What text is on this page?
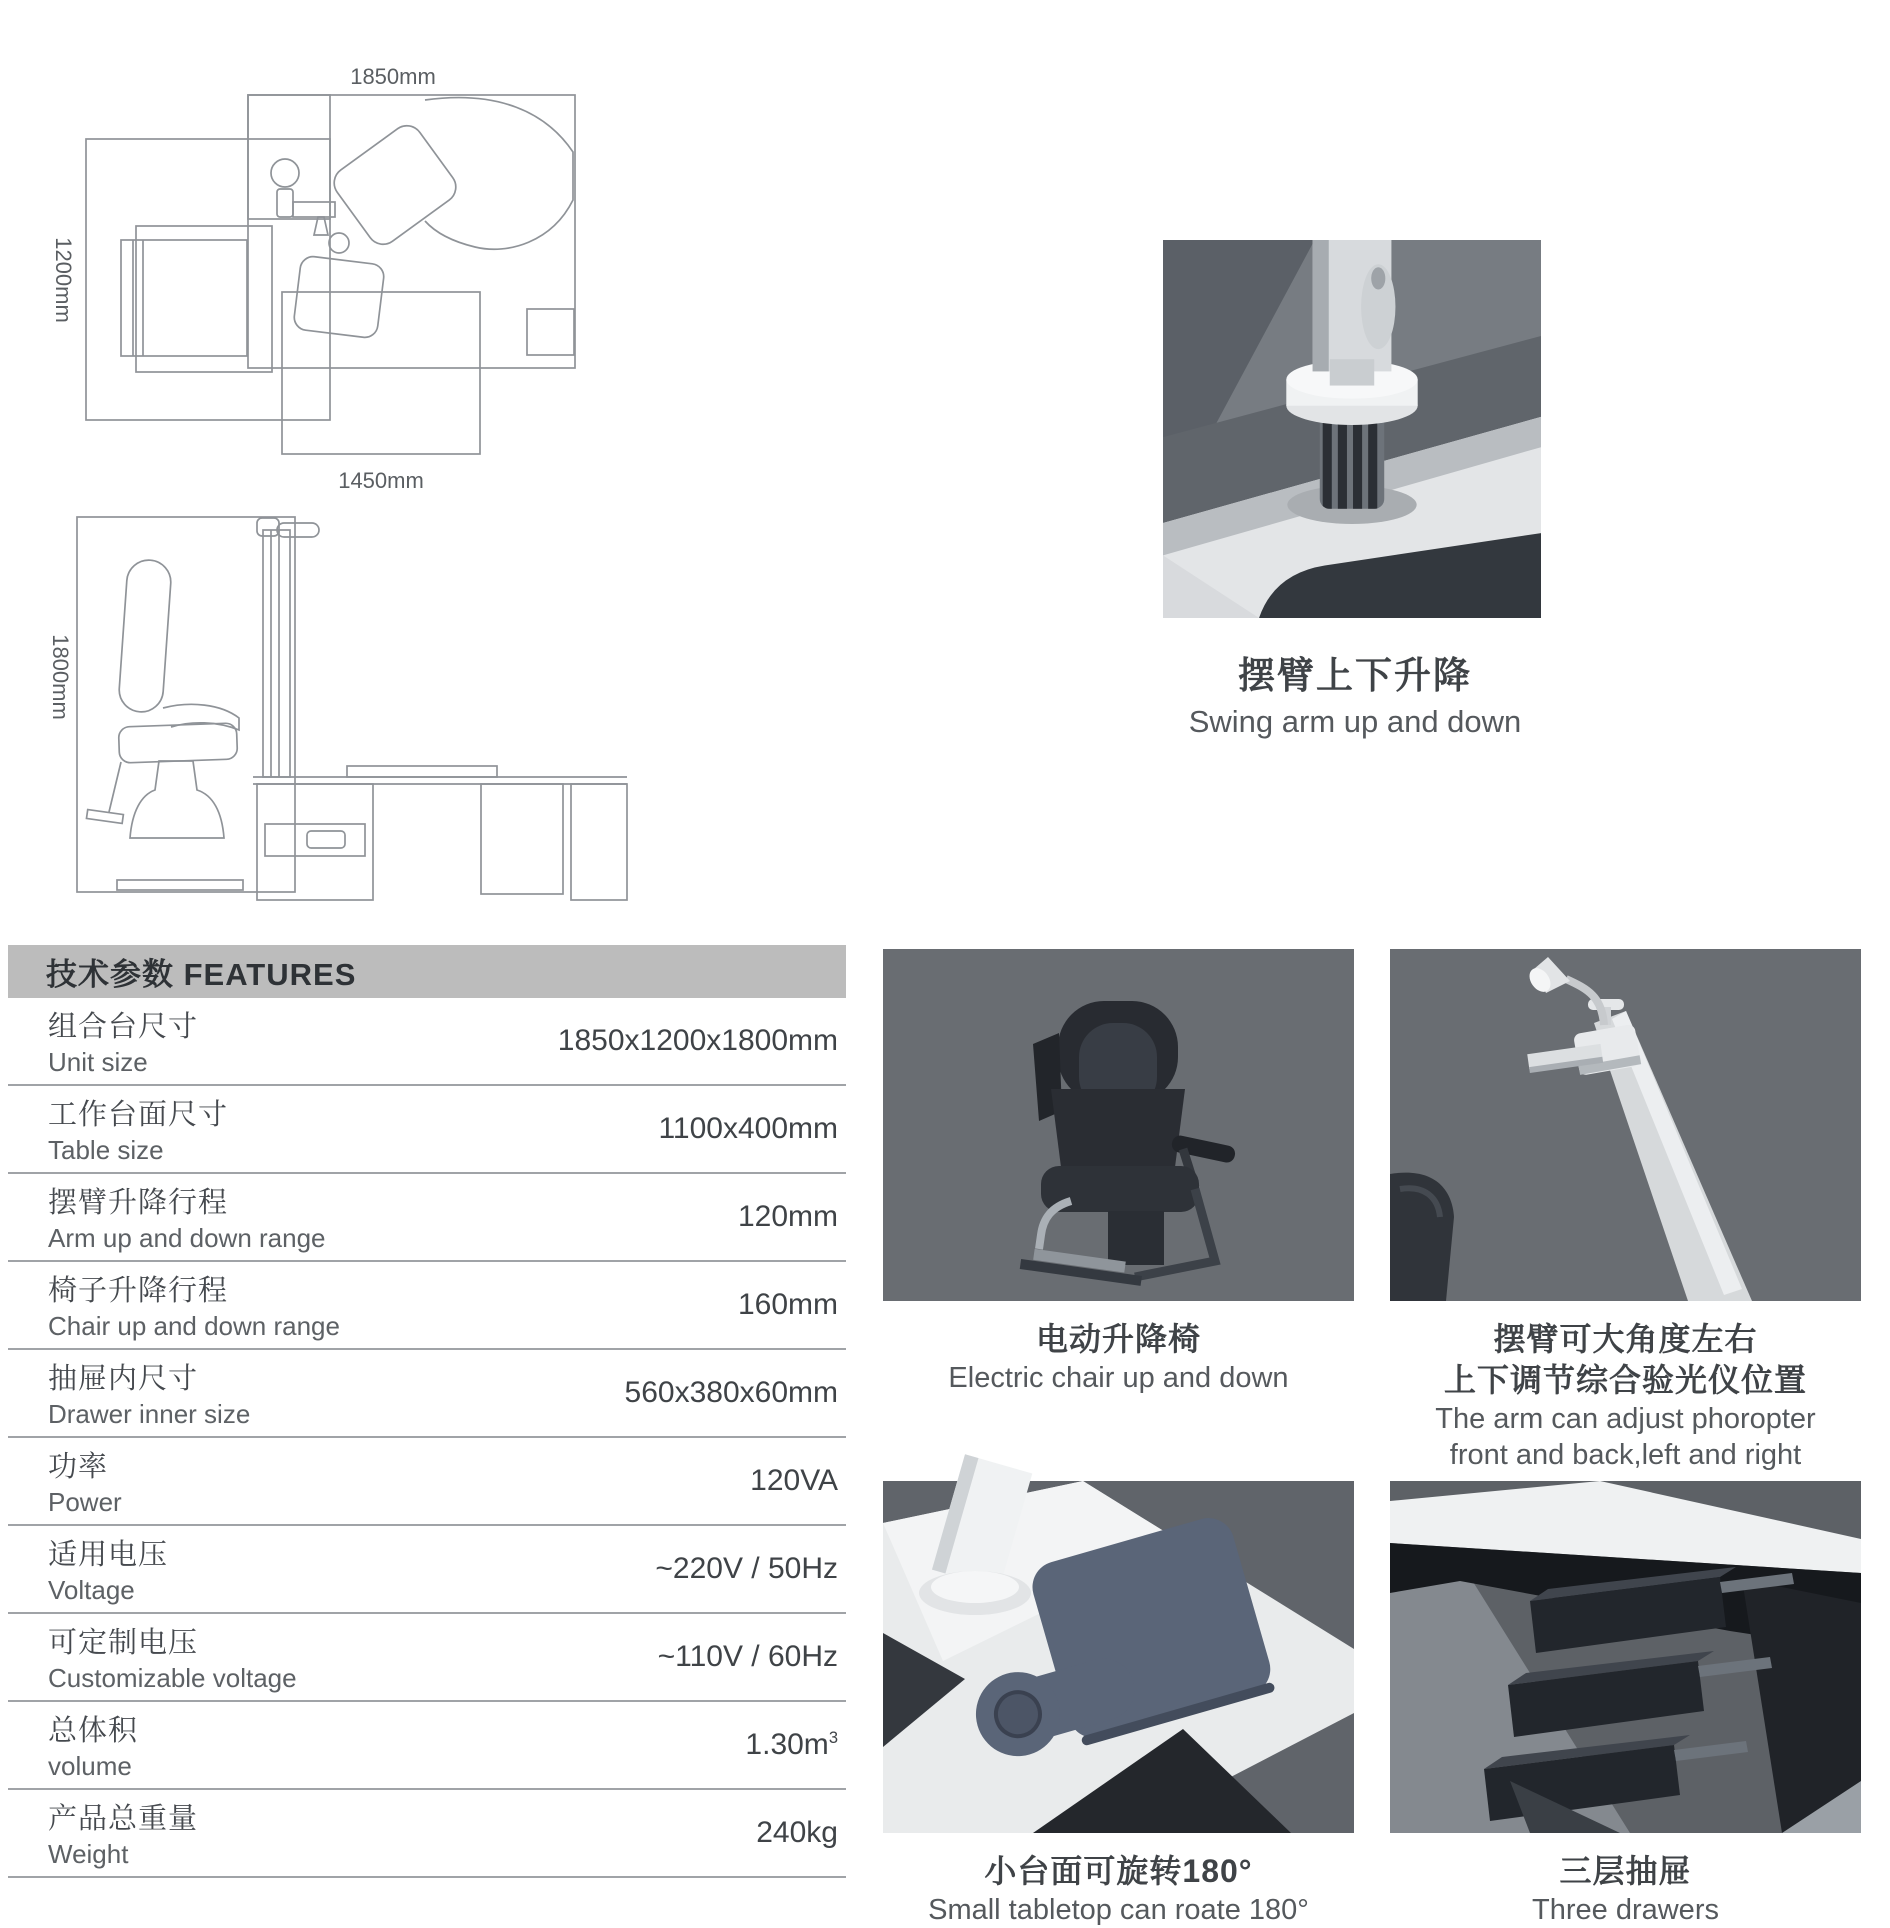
1850mm
1200mm
1450mm
1800mm	摆臂上下升降
Swing arm up and down
技术参数 FEATURES
组合台尺寸
Unit size
1850x1200x1800mm
工作台面尺寸
Table size
1100x400mm
摆臂升降行程
Arm up and down range
120mm
椅子升降行程
Chair up and down range
160mm
抽屉内尺寸
Drawer inner size
560x380x60mm
功率
Power
120VA
适用电压
Voltage
~220V / 50Hz
可定制电压
Customizable voltage
~110V / 60Hz
总体积
volume
$1.30m^3$
产品总重量
Weight
240kg
电动升降椅
Electric chair up and down
摆臂可大角度左右
上下调节综合验光仪位置
The arm can adjust phoropter
front and back,left and right
小台面可旋转180°
Small tabletop can roate 180°
三层抽屉
Three drawers
